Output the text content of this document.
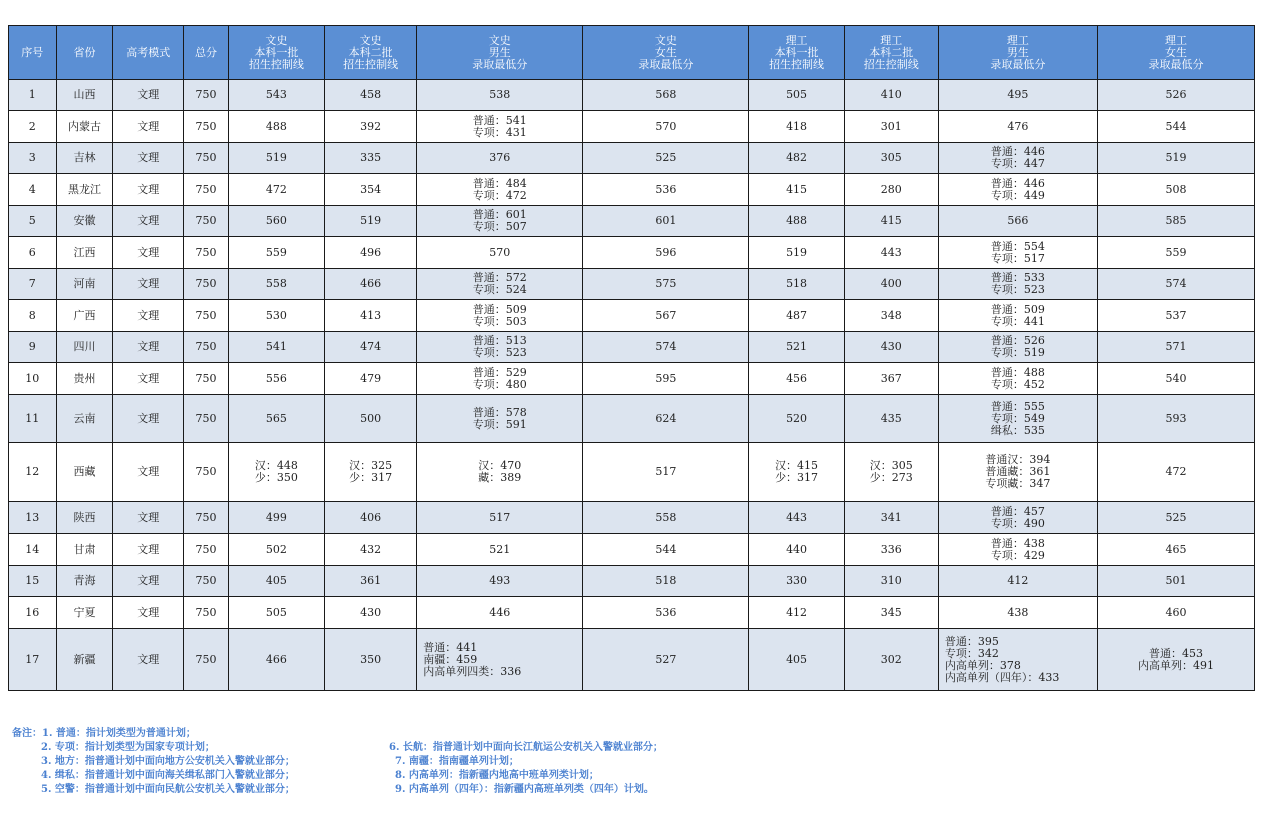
序号	省份	高考模式	总分	文史
本科一批
招生控制线	文史
本科二批
招生控制线	文史
男生
录取最低分	文史
女生
录取最低分	理工
本科一批
招生控制线	理工
本科二批
招生控制线	理工
男生
录取最低分	理工
女生
录取最低分
1	山西	文理	750	543	458	538	568	505	410	495	526
2	内蒙古	文理	750	488	392	普通：541
专项：431	570	418	301	476	544
3	吉林	文理	750	519	335	376	525	482	305	普通：446
专项：447	519
4	黑龙江	文理	750	472	354	普通：484
专项：472	536	415	280	普通：446
专项：449	508
5	安徽	文理	750	560	519	普通：601
专项：507	601	488	415	566	585
6	江西	文理	750	559	496	570	596	519	443	普通：554
专项：517	559
7	河南	文理	750	558	466	普通：572
专项：524	575	518	400	普通：533
专项：523	574
8	广西	文理	750	530	413	普通：509
专项：503	567	487	348	普通：509
专项：441	537
9	四川	文理	750	541	474	普通：513
专项：523	574	521	430	普通：526
专项：519	571
10	贵州	文理	750	556	479	普通：529
专项：480	595	456	367	普通：488
专项：452	540
11	云南	文理	750	565	500	普通：578
专项：591	624	520	435	普通：555
专项：549
缉私：535	593
12	西藏	文理	750	汉：448
少：350	汉：325
少：317	汉：470
藏：389	517	汉：415
少：317	汉：305
少：273	普通汉：394
普通藏：361
专项藏：347	472
13	陕西	文理	750	499	406	517	558	443	341	普通：457
专项：490	525
14	甘肃	文理	750	502	432	521	544	440	336	普通：438
专项：429	465
15	青海	文理	750	405	361	493	518	330	310	412	501
16	宁夏	文理	750	505	430	446	536	412	345	438	460
17	新疆	文理	750	466	350	普通：441
南疆：459
内高单列四类：336	527	405	302	普通：395
专项：342
内高单列：378
内高单列（四年）：433	普通：453
内高单列：491
备注：1. 普通：指计划类型为普通计划；
2. 专项：指计划类型为国家专项计划；
3. 地方：指普通计划中面向地方公安机关入警就业部分；
4. 缉私：指普通计划中面向海关缉私部门入警就业部分；
5. 空警：指普通计划中面向民航公安机关入警就业部分；
6. 长航：指普通计划中面向长江航运公安机关入警就业部分；
7. 南疆：指南疆单列计划；
8. 内高单列：指新疆内地高中班单列类计划；
9. 内高单列（四年）：指新疆内高班单列类（四年）计划。
